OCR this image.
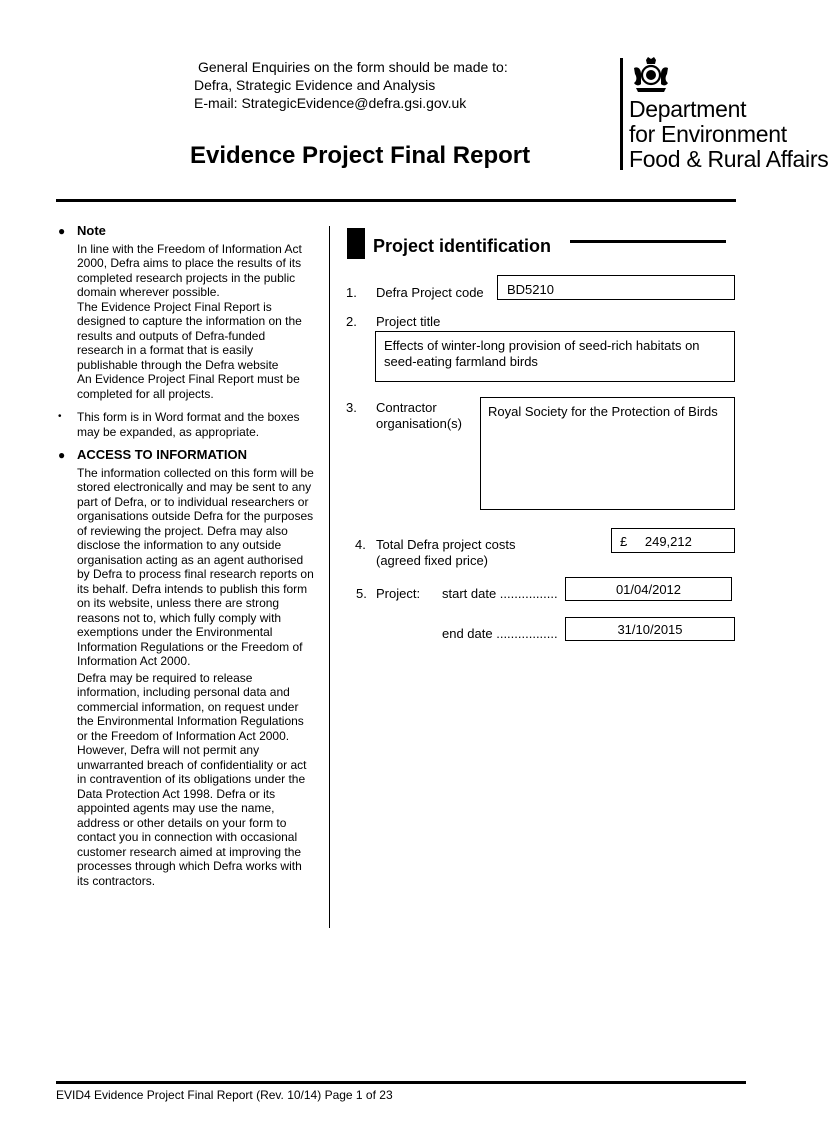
General Enquiries on the form should be made to:
Defra, Strategic Evidence and Analysis
E-mail: StrategicEvidence@defra.gsi.gov.uk
Evidence Project Final Report
Department
for Environment
Food & Rural Affairs
● Note

In line with the Freedom of Information Act 2000, Defra aims to place the results of its completed research projects in the public domain wherever possible.

The Evidence Project Final Report is designed to capture the information on the results and outputs of Defra-funded research in a format that is easily publishable through the Defra website

An Evidence Project Final Report must be completed for all projects.

• This form is in Word format and the boxes may be expanded, as appropriate.

● ACCESS TO INFORMATION

The information collected on this form will be stored electronically and may be sent to any part of Defra, or to individual researchers or organisations outside Defra for the purposes of reviewing the project. Defra may also disclose the information to any outside organisation acting as an agent authorised by Defra to process final research reports on its behalf. Defra intends to publish this form on its website, unless there are strong reasons not to, which fully comply with exemptions under the Environmental Information Regulations or the Freedom of Information Act 2000.

Defra may be required to release information, including personal data and commercial information, on request under the Environmental Information Regulations or the Freedom of Information Act 2000. However, Defra will not permit any unwarranted breach of confidentiality or act in contravention of its obligations under the Data Protection Act 1998. Defra or its appointed agents may use the name, address or other details on your form to contact you in connection with occasional customer research aimed at improving the processes through which Defra works with its contractors.

Project identification
1. Defra Project code	BD5210
2. Project title
Effects of winter-long provision of seed-rich habitats on seed-eating farmland birds
3. Contractor
organisation(s)
Royal Society for the Protection of Birds
4. Total Defra project costs
(agreed fixed price)
£ 249,212
5. Project: start date ................	01/04/2012
end date .................	31/10/2015
EVID4 Evidence Project Final Report (Rev. 10/14) Page 1 of 23
